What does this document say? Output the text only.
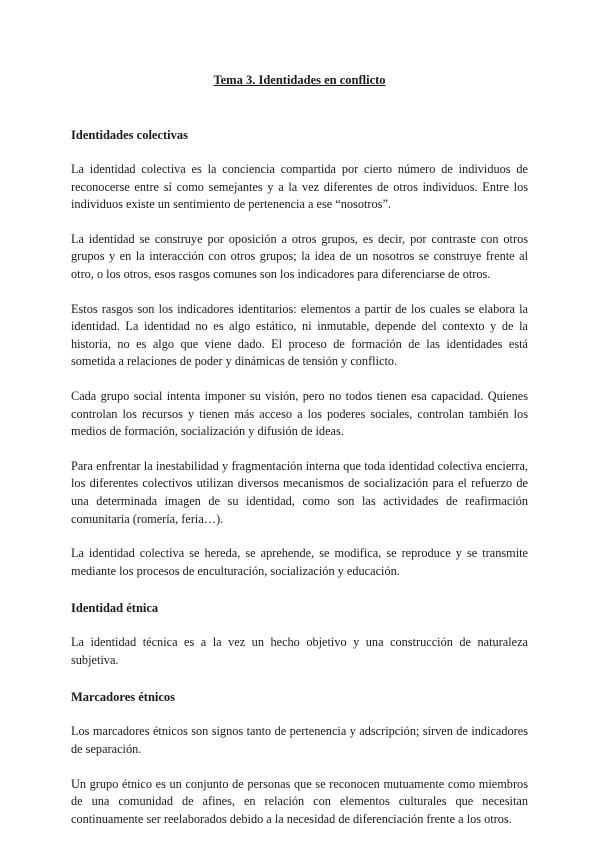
Tema 3. Identidades en conflicto
Identidades colectivas

La identidad colectiva es la conciencia compartida por cierto número de individuos de reconocerse entre sí como semejantes y a la vez diferentes de otros individuos. Entre los individuos existe un sentimiento de pertenencia a ese “nosotros”.

La identidad se construye por oposición a otros grupos, es decir, por contraste con otros grupos y en la interacción con otros grupos; la idea de un nosotros se construye frente al otro, o los otros, esos rasgos comunes son los indicadores para diferenciarse de otros.

Estos rasgos son los indicadores identitarios: elementos a partir de los cuales se elabora la identidad. La identidad no es algo estático, ni inmutable, depende del contexto y de la historia, no es algo que viene dado. El proceso de formación de las identidades está sometida a relaciones de poder y dinámicas de tensión y conflicto.

Cada grupo social intenta imponer su visión, pero no todos tienen esa capacidad. Quienes controlan los recursos y tienen más acceso a los poderes sociales, controlan también los medios de formación, socialización y difusión de ideas.

Para enfrentar la inestabilidad y fragmentación interna que toda identidad colectiva encierra, los diferentes colectivos utilizan diversos mecanismos de socialización para el refuerzo de una determinada imagen de su identidad, como son las actividades de reafirmación comunitaria (romería, feria…).

La identidad colectiva se hereda, se aprehende, se modifica, se reproduce y se transmite mediante los procesos de enculturación, socialización y educación.

Identidad étnica

La identidad técnica es a la vez un hecho objetivo y una construcción de naturaleza subjetiva.

Marcadores étnicos

Los marcadores étnicos son signos tanto de pertenencia y adscripción; sirven de indicadores de separación.

Un grupo étnico es un conjunto de personas que se reconocen mutuamente como miembros de una comunidad de afines, en relación con elementos culturales que necesitan continuamente ser reelaborados debido a la necesidad de diferenciación frente a los otros.
